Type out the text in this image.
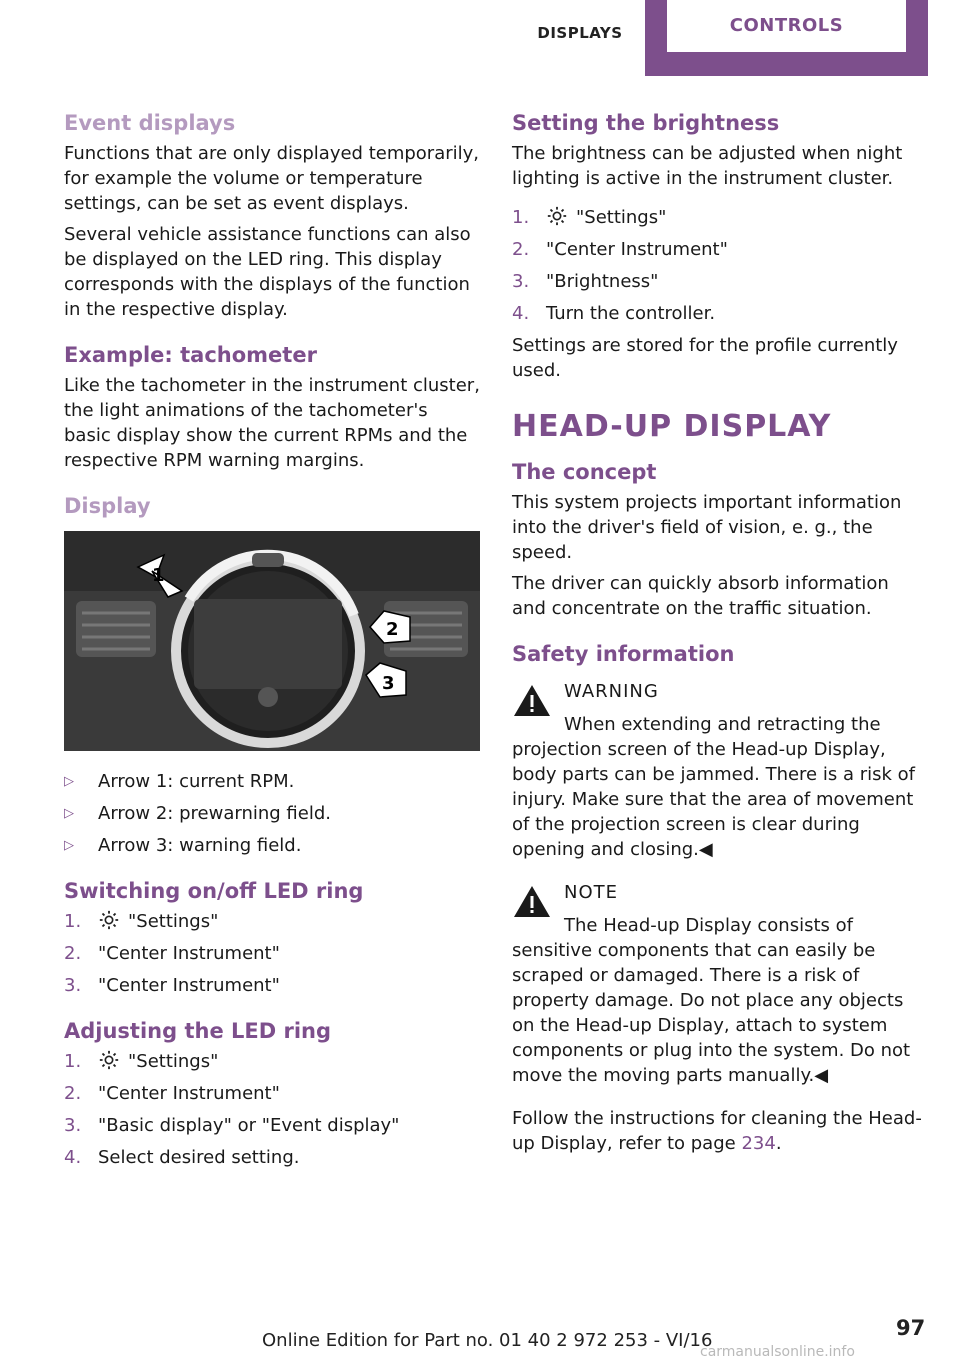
DISPLAYS	CONTROLS
Event displays

Functions that are only displayed temporarily, for example the volume or temperature settings, can be set as event displays.

Several vehicle assistance functions can also be displayed on the LED ring. This display corresponds with the displays of the function in the respective display.

Example: tachometer

Like the tachometer in the instrument cluster, the light animations of the tachometer's basic display show the current RPMs and the respective RPM warning margins.

Display
1
2
3
▷	Arrow 1: current RPM.
▷	Arrow 2: prewarning field.
▷	Arrow 3: warning field.
Switching on/off LED ring
1.	"Settings"
2. "Center Instrument"
3. "Center Instrument"
Adjusting the LED ring
1.	"Settings"
2. "Center Instrument"
3. "Basic display" or "Event display"
4. Select desired setting.
Setting the brightness

The brightness can be adjusted when night lighting is active in the instrument cluster.

1.	"Settings"
2. "Center Instrument"
3. "Brightness"
4. Turn the controller.

Settings are stored for the profile currently used.

HEAD-UP DISPLAY
The concept

This system projects important information into the driver's field of vision, e. g., the speed.

The driver can quickly absorb information and concentrate on the traffic situation.

Safety information
WARNING

When extending and retracting the projection screen of the Head-up Display, body parts can be jammed. There is a risk of injury. Make sure that the area of movement of the projection screen is clear during opening and closing.◀

NOTE

The Head-up Display consists of sensitive components that can easily be scraped or damaged. There is a risk of property damage. Do not place any objects on the Head-up Display, attach to system components or plug into the system. Do not move the moving parts manually.◀

Follow the instructions for cleaning the Head-up Display, refer to page 234.

97
Online Edition for Part no. 01 40 2 972 253 - VI/16
carmanualsonline.info
